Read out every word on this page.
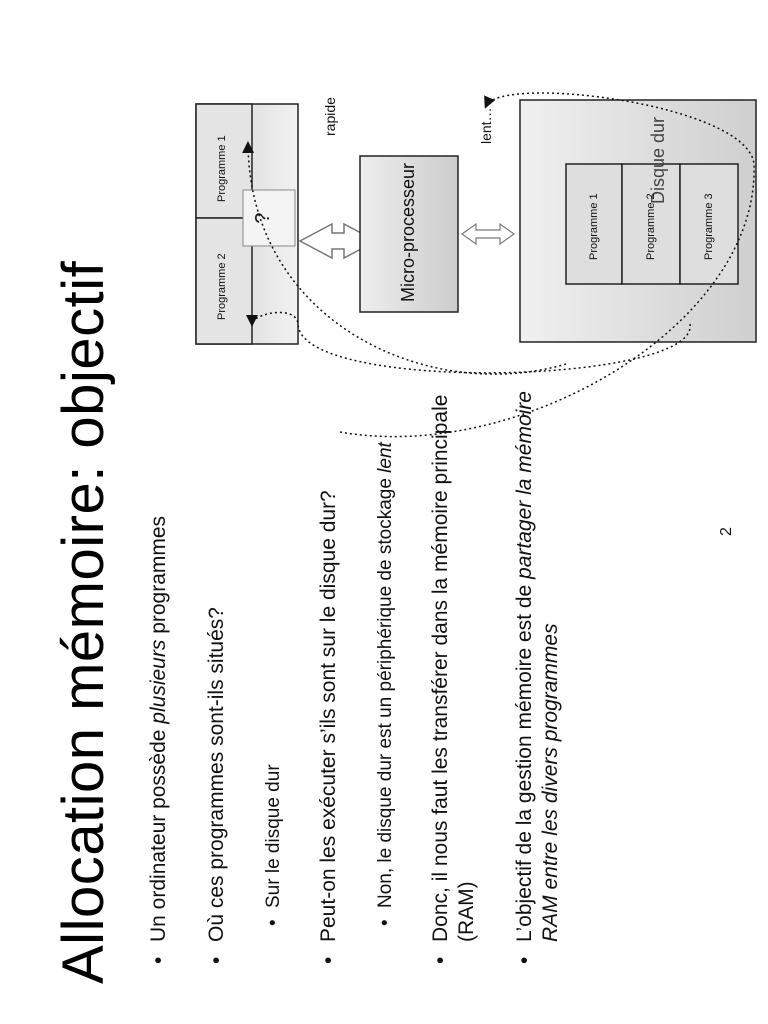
Allocation mémoire: objectif • Un ordinateur possède plusieurs programmes
• Où ces programmes sont-ils situés? • Sur le disque dur • Peut-on les exécuter s’ils sont sur le disque dur? • Non, le disque dur est un périphérique de stockage lent • Donc, il nous faut les transférer dans la mémoire principale (RAM) • L’objectif de la gestion mémoire est de partager la mémoire RAM entre les divers programmes
2
Programme 1
Programme 2
?
rapide
Micro-processeur
lent…	Disque dur
Programme 1	Programme 2	Programme 3
